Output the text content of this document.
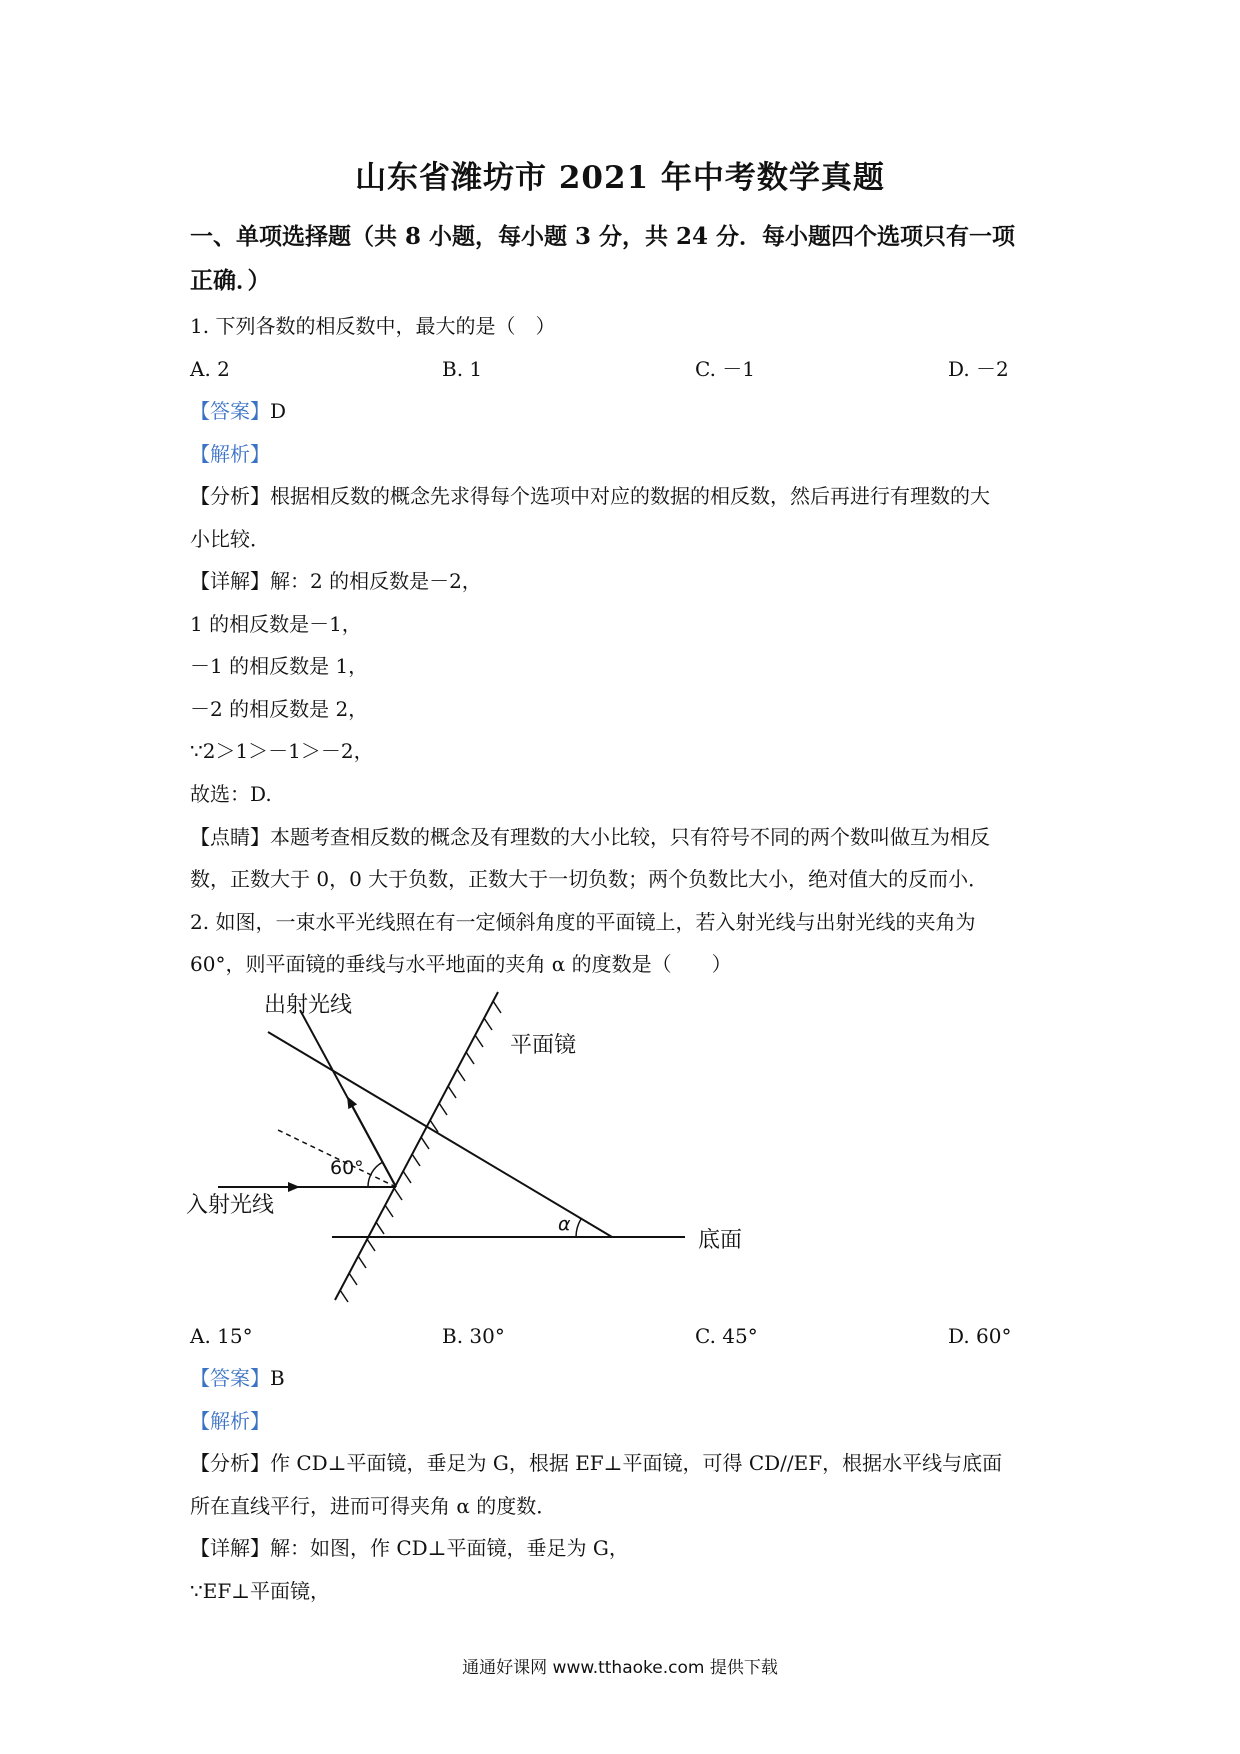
山东省潍坊市 2021 年中考数学真题
一、单项选择题（共 8 小题，每小题 3 分，共 24 分．每小题四个选项只有一项
正确．）
1. 下列各数的相反数中，最大的是（　）
A. 2	B. 1	C. －1	D. －2
【答案】D
【解析】
【分析】根据相反数的概念先求得每个选项中对应的数据的相反数，然后再进行有理数的大
小比较．
【详解】解：2 的相反数是－2，
1 的相反数是－1，
－1 的相反数是 1，
－2 的相反数是 2，
∵2＞1＞－1＞－2，
故选：D.
【点睛】本题考查相反数的概念及有理数的大小比较，只有符号不同的两个数叫做互为相反
数，正数大于 0，0 大于负数，正数大于一切负数；两个负数比大小，绝对值大的反而小．
2. 如图，一束水平光线照在有一定倾斜角度的平面镜上，若入射光线与出射光线的夹角为
60°，则平面镜的垂线与水平地面的夹角 α 的度数是（　　）
出射光线
平面镜
60°
入射光线
α
底面
A. 15°	B. 30°	C. 45°	D. 60°
【答案】B
【解析】
【分析】作 CD⊥平面镜，垂足为 G，根据 EF⊥平面镜，可得 CD//EF，根据水平线与底面
所在直线平行，进而可得夹角 α 的度数．
【详解】解：如图，作 CD⊥平面镜，垂足为 G，
∵EF⊥平面镜，
通通好课网 www.tthaoke.com 提供下载
